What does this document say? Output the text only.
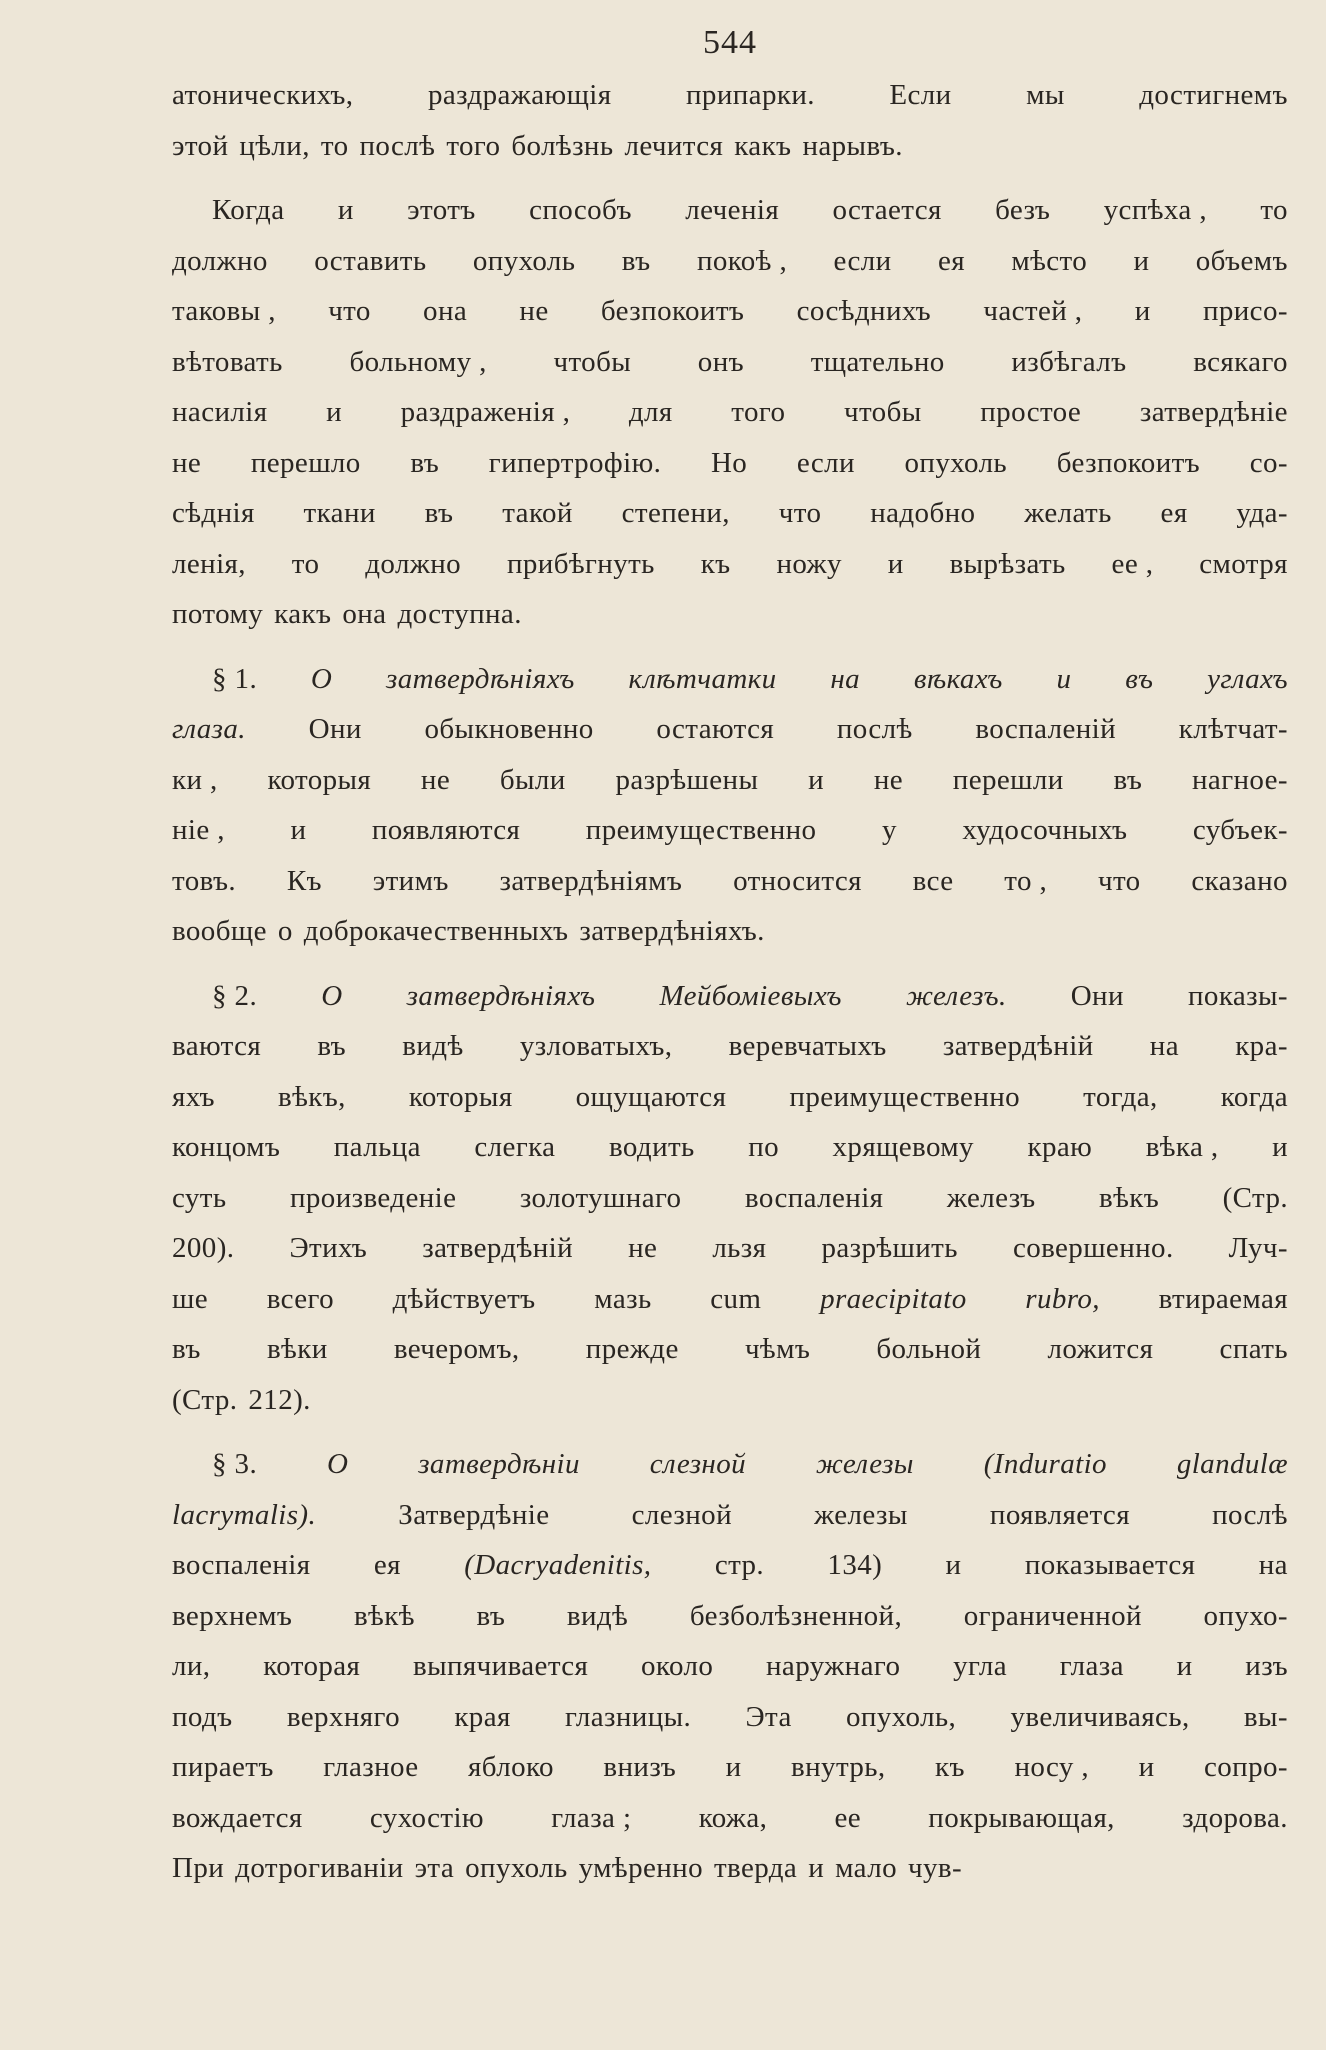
544
атоническихъ,	раздражающія	припарки.	Если	мы	достигнемъ
этой цѣли, то послѣ того болѣзнь лечится какъ нарывъ.
Когда и этотъ способъ леченія остается безъ успѣха , то
должно оставить опухоль въ покоѣ , если ея мѣсто и объемъ
таковы , что она не безпокоитъ сосѣднихъ частей , и присо-
вѣтовать больному , чтобы онъ тщательно избѣгалъ всякаго
насилія и раздраженія , для того чтобы простое затвердѣніе
не перешло въ гипертрофію. Но если опухоль безпокоитъ со-
сѣднія ткани въ такой степени, что надобно желать ея уда-
ленія, то должно прибѣгнуть къ ножу и вырѣзать ее , смотря
потому какъ она доступна.
§ 1. О затвердѣніяхъ клѣтчатки на вѣкахъ и въ углахъ
глаза. Они обыкновенно остаются послѣ воспаленій клѣтчат-
ки , которыя не были разрѣшены и не перешли въ нагное-
ніе , и появляются преимущественно у худосочныхъ субъек-
товъ. Къ этимъ затвердѣніямъ относится все то , что сказано
вообще о доброкачественныхъ затвердѣніяхъ.
§ 2. О затвердѣніяхъ Мейбоміевыхъ железъ. Они показы-
ваются въ видѣ узловатыхъ, веревчатыхъ затвердѣній на кра-
яхъ вѣкъ, которыя ощущаются преимущественно тогда, когда
концомъ пальца слегка водить по хрящевому краю вѣка , и
суть произведеніе золотушнаго воспаленія железъ вѣкъ (Стр.
200). Этихъ затвердѣній не льзя разрѣшить совершенно. Луч-
ше всего дѣйствуетъ мазь cum praecipitato rubro, втираемая
въ вѣки вечеромъ, прежде чѣмъ больной ложится спать
(Стр. 212).
§ 3. О затвердѣніи слезной железы (Induratio glandulæ
lacrymalis).	Затвердѣніе	слезной	железы	появляется	послѣ
воспаленія ея (Dacryadenitis, стр. 134) и показывается на
верхнемъ вѣкѣ въ видѣ безболѣзненной, ограниченной опухо-
ли, которая выпячивается около наружнаго угла глаза и изъ
подъ верхняго края глазницы. Эта опухоль, увеличиваясь, вы-
пираетъ глазное яблоко внизъ и внутрь, къ носу , и сопро-
вождается сухостію глаза ; кожа, ее покрывающая, здорова.
При дотрогиваніи эта опухоль умѣренно тверда и мало чув-
